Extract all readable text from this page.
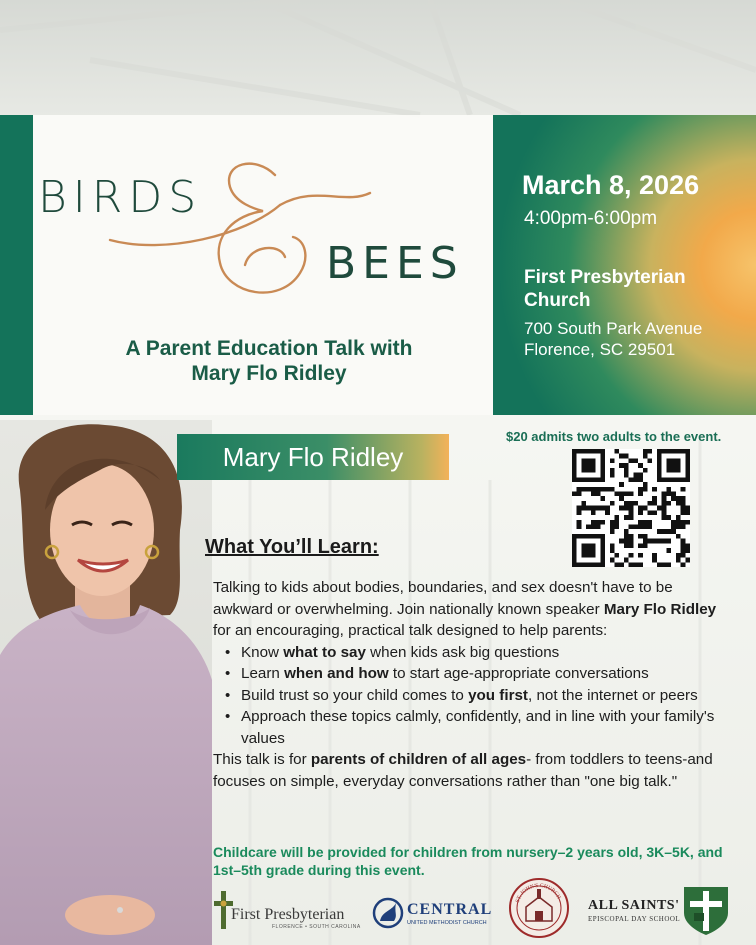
BIRDS
BEES
A Parent Education Talk with
Mary Flo Ridley
March 8, 2026
4:00pm-6:00pm
First Presbyterian
Church
700 South Park Avenue
Florence, SC 29501
Mary Flo Ridley
$20 admits two adults to the event.
What You’ll Learn:

Talking to kids about bodies, boundaries, and sex doesn't have to be awkward or overwhelming. Join nationally known speaker Mary Flo Ridley for an encouraging, practical talk designed to help parents:

• Know what to say when kids ask big questions
• Learn when and how to start age-appropriate conversations
• Build trust so your child comes to you first, not the internet or peers
• Approach these topics calmly, confidently, and in line with your family's values

This talk is for parents of children of all ages- from toddlers to teens-and focuses on simple, everyday conversations rather than "one big talk."

Childcare will be provided for children from nursery–2 years old, 3K–5K, and 1st–5th grade during this event.
First Presbyterian
FLORENCE • SOUTH CAROLINA
CENTRAL
UNITED METHODIST CHURCH
ST. JOHN'S CHURCH
ALL SAINTS'
EPISCOPAL DAY SCHOOL
